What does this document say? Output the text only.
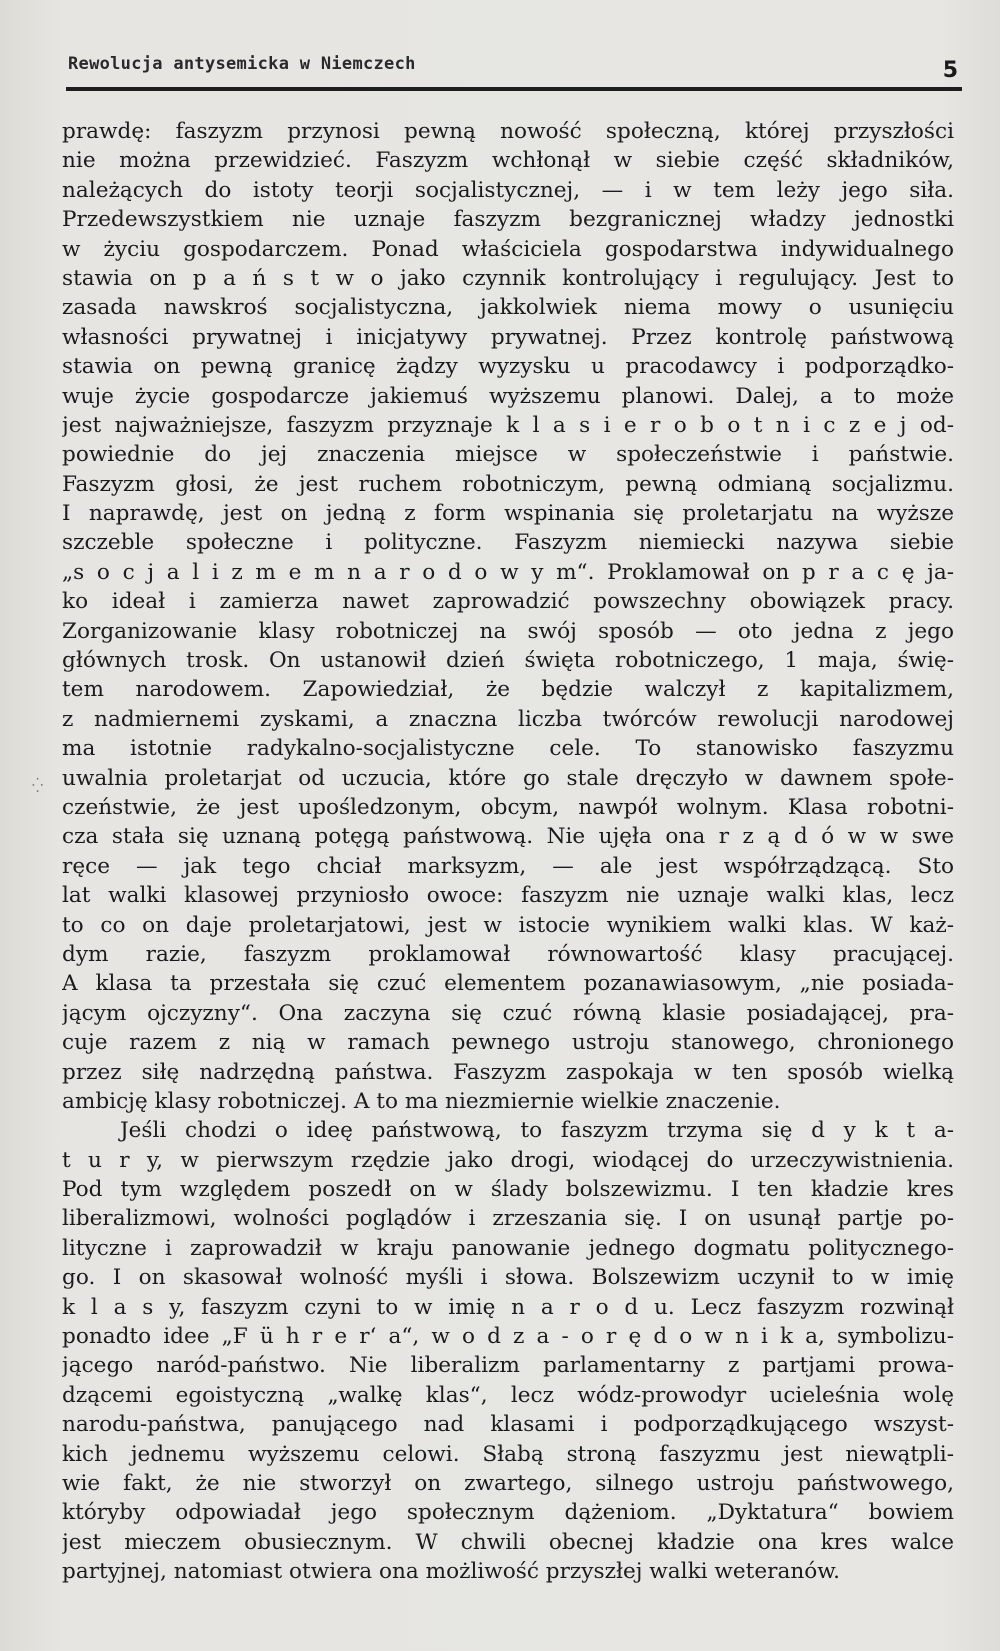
Rewolucja antysemicka w Niemczech	5
⁛
prawdę: faszyzm przynosi pewną nowość społeczną, której przyszłości
nie można przewidzieć. Faszyzm wchłonął w siebie część składników,
należących do istoty teorji socjalistycznej, — i w tem leży jego siła.
Przedewszystkiem nie uznaje faszyzm bezgranicznej władzy jednostki
w życiu gospodarczem. Ponad właściciela gospodarstwa indywidualnego
stawia on p a ń s t w o jako czynnik kontrolujący i regulujący. Jest to
zasada nawskroś socjalistyczna, jakkolwiek niema mowy o usunięciu
własności prywatnej i inicjatywy prywatnej. Przez kontrolę państwową
stawia on pewną granicę żądzy wyzysku u pracodawcy i podporządko-
wuje życie gospodarcze jakiemuś wyższemu planowi. Dalej, a to może
jest najważniejsze, faszyzm przyznaje k l a s i e r o b o t n i c z e j od-
powiednie do jej znaczenia miejsce w społeczeństwie i państwie.
Faszyzm głosi, że jest ruchem robotniczym, pewną odmianą socjalizmu.
I naprawdę, jest on jedną z form wspinania się proletarjatu na wyższe
szczeble społeczne i polityczne. Faszyzm niemiecki nazywa siebie
„s o c j a l i z m e m n a r o d o w y m“. Proklamował on p r a c ę ja-
ko ideał i zamierza nawet zaprowadzić powszechny obowiązek pracy.
Zorganizowanie klasy robotniczej na swój sposób — oto jedna z jego
głównych trosk. On ustanowił dzień święta robotniczego, 1 maja, świę-
tem narodowem. Zapowiedział, że będzie walczył z kapitalizmem,
z nadmiernemi zyskami, a znaczna liczba twórców rewolucji narodowej
ma istotnie radykalno-socjalistyczne cele. To stanowisko faszyzmu
uwalnia proletarjat od uczucia, które go stale dręczyło w dawnem społe-
czeństwie, że jest upośledzonym, obcym, nawpół wolnym. Klasa robotni-
cza stała się uznaną potęgą państwową. Nie ujęła ona r z ą d ó w w swe
ręce — jak tego chciał marksyzm, — ale jest współrządzącą. Sto
lat walki klasowej przyniosło owoce: faszyzm nie uznaje walki klas, lecz
to co on daje proletarjatowi, jest w istocie wynikiem walki klas. W każ-
dym razie, faszyzm proklamował równowartość klasy pracującej.
A klasa ta przestała się czuć elementem pozanawiasowym, „nie posiada-
jącym ojczyzny“. Ona zaczyna się czuć równą klasie posiadającej, pra-
cuje razem z nią w ramach pewnego ustroju stanowego, chronionego
przez siłę nadrzędną państwa. Faszyzm zaspokaja w ten sposób wielką
ambicję klasy robotniczej. A to ma niezmiernie wielkie znaczenie.
Jeśli chodzi o ideę państwową, to faszyzm trzyma się d y k t a-
t u r y, w pierwszym rzędzie jako drogi, wiodącej do urzeczywistnienia.
Pod tym względem poszedł on w ślady bolszewizmu. I ten kładzie kres
liberalizmowi, wolności poglądów i zrzeszania się. I on usunął partje po-
lityczne i zaprowadził w kraju panowanie jednego dogmatu politycznego-
go. I on skasował wolność myśli i słowa. Bolszewizm uczynił to w imię
k l a s y, faszyzm czyni to w imię n a r o d u. Lecz faszyzm rozwinął
ponadto idee „F ü h r e r‘ a“, w o d z a - o r ę d o w n i k a, symbolizu-
jącego naród-państwo. Nie liberalizm parlamentarny z partjami prowa-
dzącemi egoistyczną „walkę klas“, lecz wódz-prowodyr ucieleśnia wolę
narodu-państwa, panującego nad klasami i podporządkującego wszyst-
kich jednemu wyższemu celowi. Słabą stroną faszyzmu jest niewątpli-
wie fakt, że nie stworzył on zwartego, silnego ustroju państwowego,
któryby odpowiadał jego społecznym dążeniom. „Dyktatura“ bowiem
jest mieczem obusiecznym. W chwili obecnej kładzie ona kres walce
partyjnej, natomiast otwiera ona możliwość przyszłej walki weteranów.
